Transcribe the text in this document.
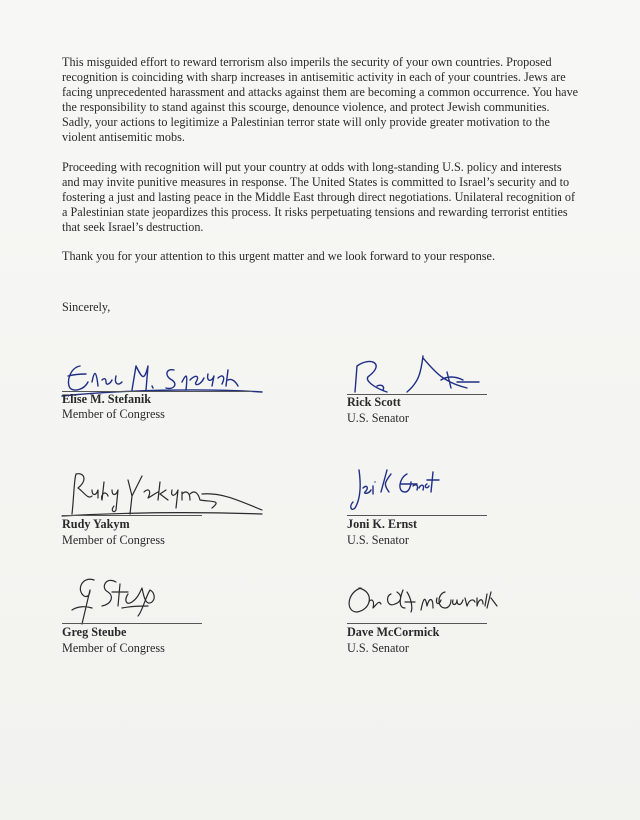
This misguided effort to reward terrorism also imperils the security of your own countries. Proposed recognition is coinciding with sharp increases in antisemitic activity in each of your countries. Jews are facing unprecedented harassment and attacks against them are becoming a common occurrence. You have the responsibility to stand against this scourge, denounce violence, and protect Jewish communities. Sadly, your actions to legitimize a Palestinian terror state will only provide greater motivation to the violent antisemitic mobs.

Proceeding with recognition will put your country at odds with long-standing U.S. policy and interests and may invite punitive measures in response. The United States is committed to Israel’s security and to fostering a just and lasting peace in the Middle East through direct negotiations. Unilateral recognition of a Palestinian state jeopardizes this process. It risks perpetuating tensions and rewarding terrorist entities that seek Israel’s destruction.

Thank you for your attention to this urgent matter and we look forward to your response.

Sincerely,
Elise M. Stefanik
Member of Congress
Rick Scott
U.S. Senator
Rudy Yakym
Member of Congress
Joni K. Ernst
U.S. Senator
Greg Steube
Member of Congress
Dave McCormick
U.S. Senator
